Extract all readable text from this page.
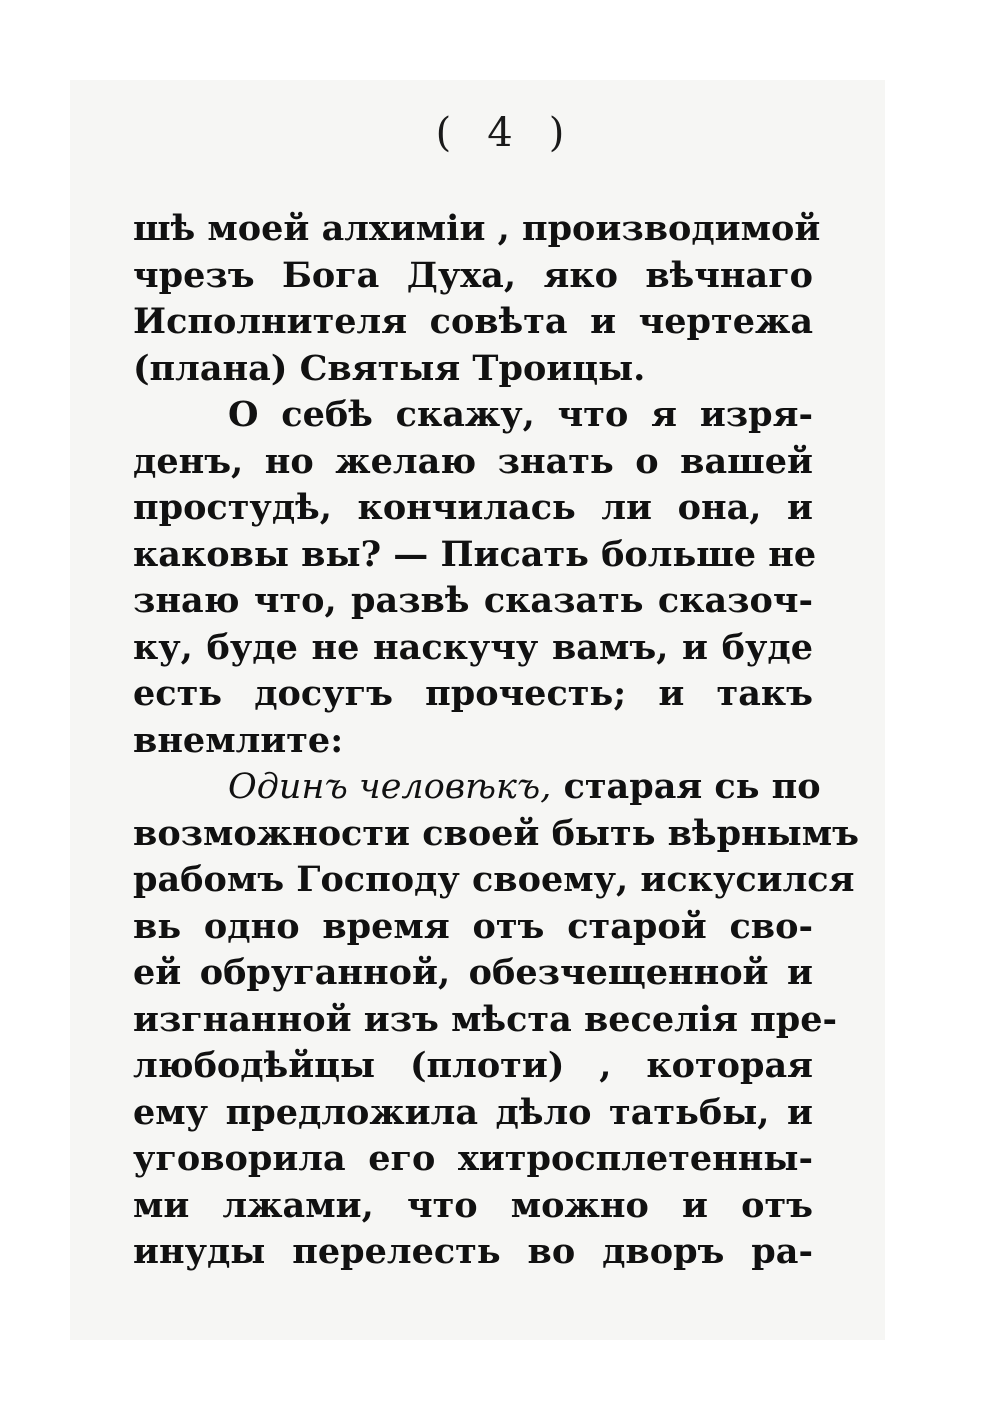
( 4 )
шѣ моей алхиміи , производимой
чрезъ Бога Духа, яко вѣчнаго
Исполнителя совѣта и чертежа
(плана) Святыя Троицы.
О себѣ скажу, что я изря-
денъ, но желаю знать о вашей
простудѣ, кончилась ли она, и
каковы вы? — Писать больше не
знаю что, развѣ сказать сказоч-
ку, буде не наскучу вамъ, и буде
есть досугъ прочесть; и такъ
внемлите:
Одинъ человѣкъ, старая сь по
возможности своей быть вѣрнымъ
рабомъ Господу своему, искусился
вь одно время отъ старой сво-
ей обруганной, обезчещенной и
изгнанной изъ мѣста веселія пре-
любодѣйцы (плоти) , которая
ему предложила дѣло татьбы, и
уговорила его хитросплетенны-
ми лжами, что можно и отъ
инуды перелесть во дворъ ра-
